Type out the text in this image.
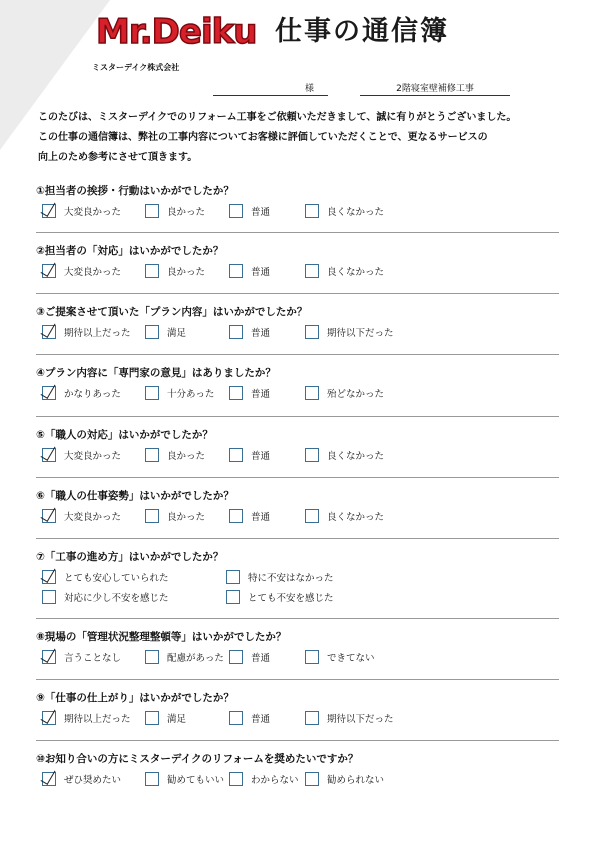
Mr.Deiku 仕事の通信簿
ミスターデイク株式会社
様	2階寝室壁補修工事

このたびは、ミスターデイクでのリフォーム工事をご依頼いただきまして、誠に有りがとうございました。

この仕事の通信簿は、弊社の工事内容についてお客様に評価していただくことで、更なるサービスの

向上のため参考にさせて頂きます。

①担当者の挨拶・行動はいかがでしたか？
大変良かった	良かった	普通	良くなかった
②担当者の「対応」はいかがでしたか？
大変良かった	良かった	普通	良くなかった
③ご提案させて頂いた「プラン内容」はいかがでしたか？
期待以上だった	満足	普通	期待以下だった
④プラン内容に「専門家の意見」はありましたか？
かなりあった	十分あった	普通	殆どなかった
⑤「職人の対応」はいかがでしたか？
大変良かった	良かった	普通	良くなかった
⑥「職人の仕事姿勢」はいかがでしたか？
大変良かった	良かった	普通	良くなかった
⑦「工事の進め方」はいかがでしたか？
とても安心していられた	特に不安はなかった
対応に少し不安を感じた	とても不安を感じた
⑧現場の「管理状況整理整頓等」はいかがでしたか？
言うことなし	配慮があった	普通	できてない
⑨「仕事の仕上がり」はいかがでしたか？
期待以上だった	満足	普通	期待以下だった
⑩お知り合いの方にミスターデイクのリフォームを奨めたいですか？
ぜひ奨めたい	勧めてもいい	わからない	勧められない
